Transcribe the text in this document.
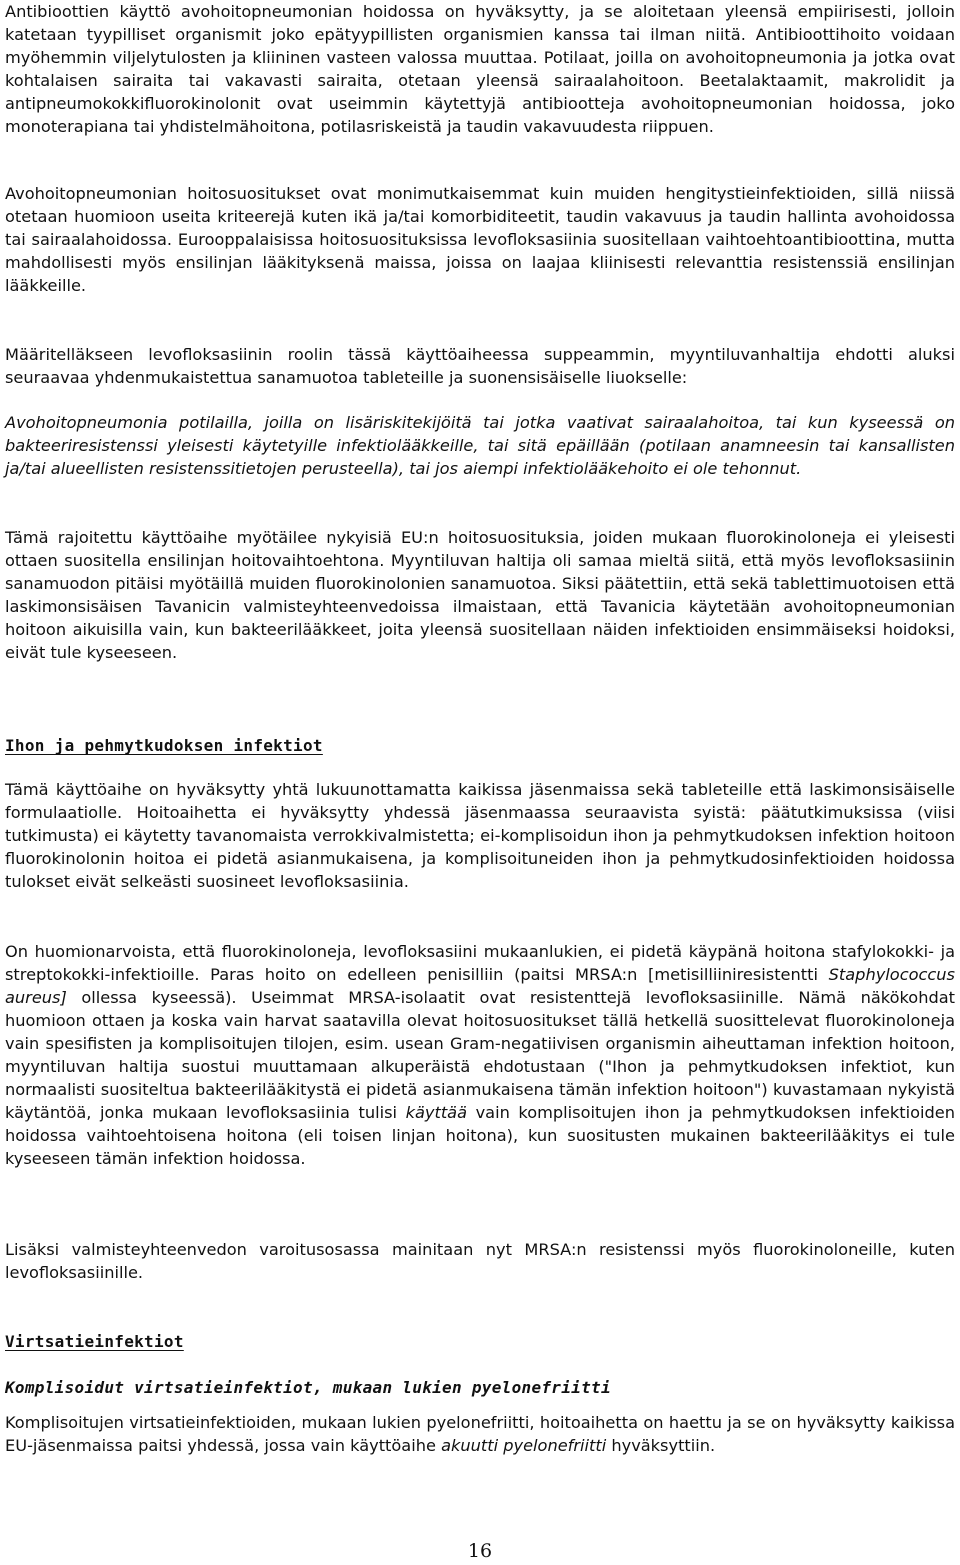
Antibioottien käyttö avohoitopneumonian hoidossa on hyväksytty, ja se aloitetaan yleensä empiirisesti, jolloin katetaan tyypilliset organismit joko epätyypillisten organismien kanssa tai ilman niitä. Antibioottihoito voidaan myöhemmin viljelytulosten ja kliininen vasteen valossa muuttaa. Potilaat, joilla on avohoitopneumonia ja jotka ovat kohtalaisen sairaita tai vakavasti sairaita, otetaan yleensä sairaalahoitoon. Beetalaktaamit, makrolidit ja antipneumokokkifluorokinolonit ovat useimmin käytettyjä antibiootteja avohoitopneumonian hoidossa, joko monoterapiana tai yhdistelmähoitona, potilasriskeistä ja taudin vakavuudesta riippuen.

Avohoitopneumonian hoitosuositukset ovat monimutkaisemmat kuin muiden hengitystieinfektioiden, sillä niissä otetaan huomioon useita kriteerejä kuten ikä ja/tai komorbiditeetit, taudin vakavuus ja taudin hallinta avohoidossa tai sairaalahoidossa. Eurooppalaisissa hoitosuosituksissa levofloksasiinia suositellaan vaihtoehtoantibioottina, mutta mahdollisesti myös ensilinjan lääkityksenä maissa, joissa on laajaa kliinisesti relevanttia resistenssiä ensilinjan lääkkeille.

Määritelläkseen levofloksasiinin roolin tässä käyttöaiheessa suppeammin, myyntiluvanhaltija ehdotti aluksi seuraavaa yhdenmukaistettua sanamuotoa tableteille ja suonensisäiselle liuokselle:

Avohoitopneumonia potilailla, joilla on lisäriskitekijöitä tai jotka vaativat sairaalahoitoa, tai kun kyseessä on bakteeriresistenssi yleisesti käytetyille infektiolääkkeille, tai sitä epäillään (potilaan anamneesin tai kansallisten ja/tai alueellisten resistenssitietojen perusteella), tai jos aiempi infektiolääkehoito ei ole tehonnut.

Tämä rajoitettu käyttöaihe myötäilee nykyisiä EU:n hoitosuosituksia, joiden mukaan fluorokinoloneja ei yleisesti ottaen suositella ensilinjan hoitovaihtoehtona. Myyntiluvan haltija oli samaa mieltä siitä, että myös levofloksasiinin sanamuodon pitäisi myötäillä muiden fluorokinolonien sanamuotoa. Siksi päätettiin, että sekä tablettimuotoisen että laskimonsisäisen Tavanicin valmisteyhteenvedoissa ilmaistaan, että Tavanicia käytetään avohoitopneumonian hoitoon aikuisilla vain, kun bakteerilääkkeet, joita yleensä suositellaan näiden infektioiden ensimmäiseksi hoidoksi, eivät tule kyseeseen.

Ihon ja pehmytkudoksen infektiot

Tämä käyttöaihe on hyväksytty yhtä lukuunottamatta kaikissa jäsenmaissa sekä tableteille että laskimonsisäiselle formulaatiolle. Hoitoaihetta ei hyväksytty yhdessä jäsenmaassa seuraavista syistä: päätutkimuksissa (viisi tutkimusta) ei käytetty tavanomaista verrokkivalmistetta; ei-komplisoidun ihon ja pehmytkudoksen infektion hoitoon fluorokinolonin hoitoa ei pidetä asianmukaisena, ja komplisoituneiden ihon ja pehmytkudosinfektioiden hoidossa tulokset eivät selkeästi suosineet levofloksasiinia.

On huomionarvoista, että fluorokinoloneja, levofloksasiini mukaanlukien, ei pidetä käypänä hoitona stafylokokki- ja streptokokki-infektioille. Paras hoito on edelleen penisilliin (paitsi MRSA:n [metisilliiniresistentti Staphylococcus aureus] ollessa kyseessä). Useimmat MRSA-isolaatit ovat resistenttejä levofloksasiinille. Nämä näkökohdat huomioon ottaen ja koska vain harvat saatavilla olevat hoitosuositukset tällä hetkellä suosittelevat fluorokinoloneja vain spesifisten ja komplisoitujen tilojen, esim. usean Gram-negatiivisen organismin aiheuttaman infektion hoitoon, myyntiluvan haltija suostui muuttamaan alkuperäistä ehdotustaan ("Ihon ja pehmytkudoksen infektiot, kun normaalisti suositeltua bakteerilääkitystä ei pidetä asianmukaisena tämän infektion hoitoon") kuvastamaan nykyistä käytäntöä, jonka mukaan levofloksasiinia tulisi käyttää vain komplisoitujen ihon ja pehmytkudoksen infektioiden hoidossa vaihtoehtoisena hoitona (eli toisen linjan hoitona), kun suositusten mukainen bakteerilääkitys ei tule kyseeseen tämän infektion hoidossa.

Lisäksi valmisteyhteenvedon varoitusosassa mainitaan nyt MRSA:n resistenssi myös fluorokinoloneille, kuten levofloksasiinille.

Virtsatieinfektiot

Komplisoidut virtsatieinfektiot, mukaan lukien pyelonefriitti

Komplisoitujen virtsatieinfektioiden, mukaan lukien pyelonefriitti, hoitoaihetta on haettu ja se on hyväksytty kaikissa EU-jäsenmaissa paitsi yhdessä, jossa vain käyttöaihe akuutti pyelonefriitti hyväksyttiin.

16
